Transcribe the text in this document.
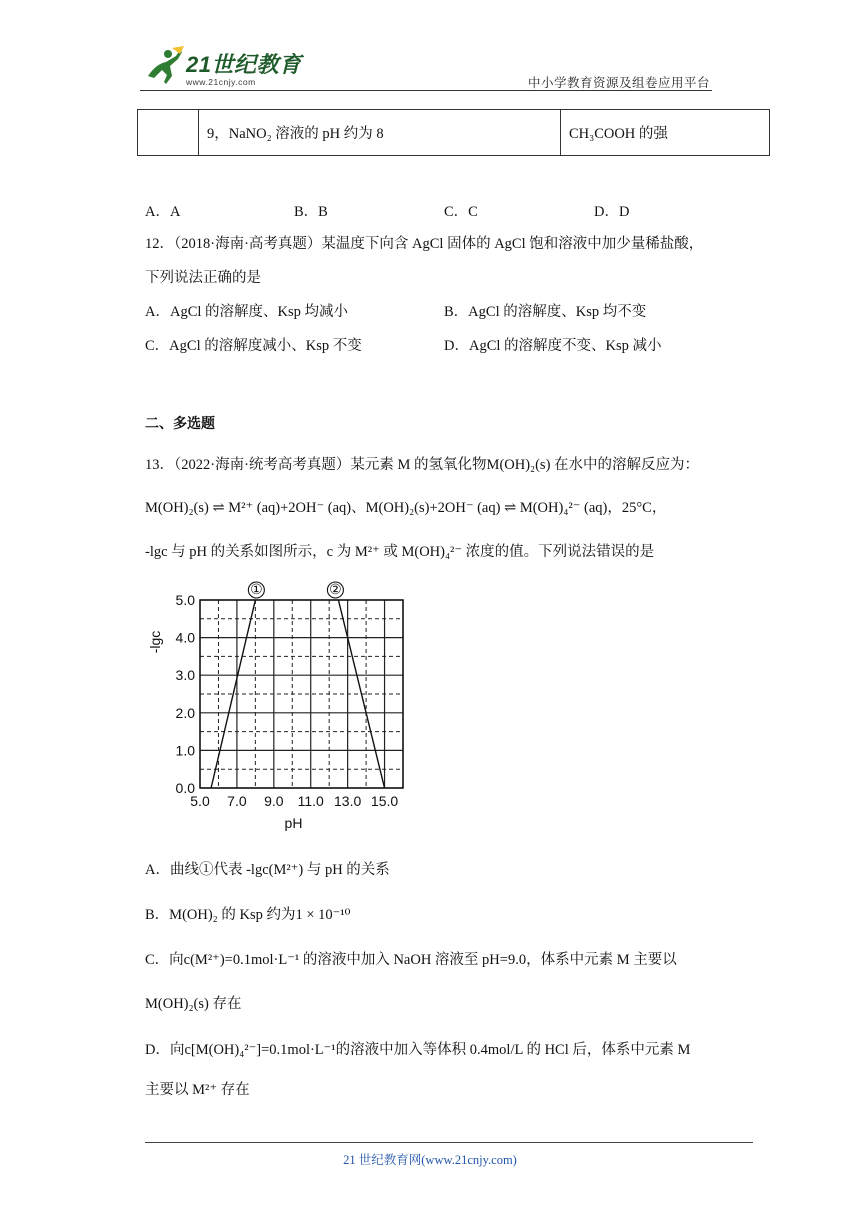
21世纪教育
www.21cnjy.com	中小学教育资源及组卷应用平台
	9，NaNO₂ 溶液的 pH 约为 8	CH₃COOH 的强
A．A	B．B	C．C	D．D
12．（2018·海南·高考真题）某温度下向含 AgCl 固体的 AgCl 饱和溶液中加少量稀盐酸，
下列说法正确的是
A．AgCl 的溶解度、Ksp 均减小	B．AgCl 的溶解度、Ksp 均不变
C．AgCl 的溶解度减小、Ksp 不变	D．AgCl 的溶解度不变、Ksp 减小
二、多选题
13．（2022·海南·统考高考真题）某元素 M 的氢氧化物M(OH)₂(s) 在水中的溶解反应为：
M(OH)₂(s) ⇌ M²⁺ (aq)+2OH⁻ (aq)、M(OH)₂(s)+2OH⁻ (aq) ⇌ M(OH)₄²⁻ (aq)，25°C，
-lgc 与 pH 的关系如图所示，c 为 M²⁺ 或 M(OH)₄²⁻ 浓度的值。下列说法错误的是
0.0
1.0
2.0
3.0
4.0
5.0
5.0 7.0 9.0 11.0 13.0 15.0
①	②
-lgc
pH
A．曲线①代表 -lgc(M²⁺) 与 pH 的关系
B．M(OH)₂ 的 Ksp 约为1 × 10⁻¹⁰
C．向c(M²⁺)=0.1mol·L⁻¹ 的溶液中加入 NaOH 溶液至 pH=9.0，体系中元素 M 主要以
M(OH)₂(s) 存在
D．向c[M(OH)₄²⁻]=0.1mol·L⁻¹的溶液中加入等体积 0.4mol/L 的 HCl 后，体系中元素 M
主要以 M²⁺ 存在
21 世纪教育网(www.21cnjy.com)
